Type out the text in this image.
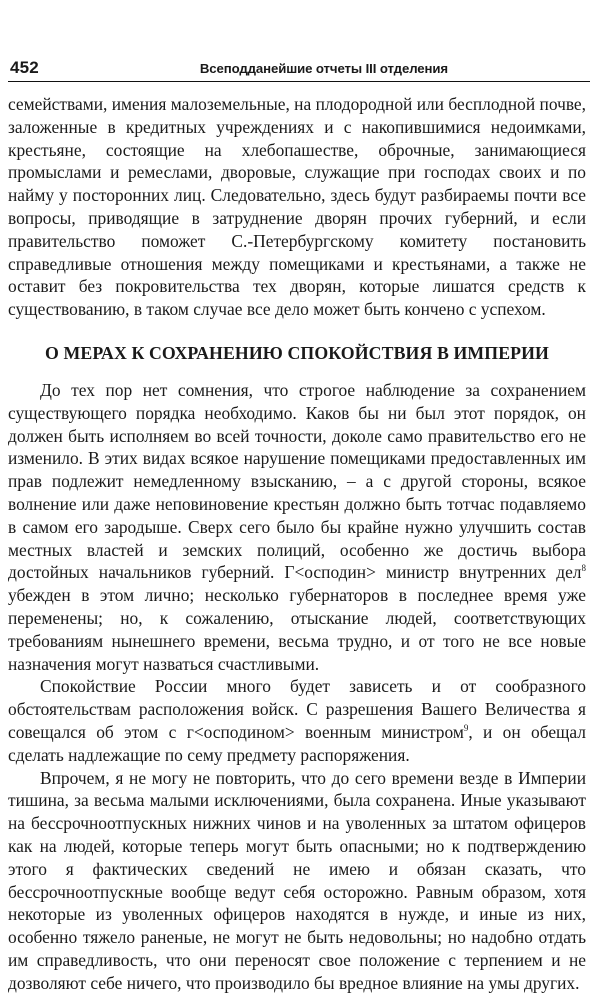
452	Всеподданейшие отчеты III отделения

семействами, имения малоземельные, на плодородной или бесплодной почве, заложенные в кредитных учреждениях и с накопившимися недоимками, крестьяне, состоящие на хлебопашестве, оброчные, занимающиеся промыслами и ремеслами, дворовые, служащие при господах своих и по найму у посторонних лиц. Следовательно, здесь будут разбираемы почти все вопросы, приводящие в затруднение дворян прочих губерний, и если правительство поможет С.-Петербургскому комитету постановить справедливые отношения между помещиками и крестьянами, а также не оставит без покровительства тех дворян, которые лишатся средств к существованию, в таком случае все дело может быть кончено с успехом.

О МЕРАХ К СОХРАНЕНИЮ СПОКОЙСТВИЯ В ИМПЕРИИ

До тех пор нет сомнения, что строгое наблюдение за сохранением существующего порядка необходимо. Каков бы ни был этот порядок, он должен быть исполняем во всей точности, доколе само правительство его не изменило. В этих видах всякое нарушение помещиками предоставленных им прав подлежит немедленному взысканию, – а с другой стороны, всякое волнение или даже неповиновение крестьян должно быть тотчас подавляемо в самом его зародыше. Сверх сего было бы крайне нужно улучшить состав местных властей и земских полиций, особенно же достичь выбора достойных начальников губерний. Г<осподин> министр внутренних дел$^8$ убежден в этом лично; несколько губернаторов в последнее время уже переменены; но, к сожалению, отыскание людей, соответствующих требованиям нынешнего времени, весьма трудно, и от того не все новые назначения могут назваться счастливыми.

Спокойствие России много будет зависеть и от сообразного обстоятельствам расположения войск. С разрешения Вашего Величества я совещался об этом с г<осподином> военным министром$^9$, и он обещал сделать надлежащие по сему предмету распоряжения.

Впрочем, я не могу не повторить, что до сего времени везде в Империи тишина, за весьма малыми исключениями, была сохранена. Иные указывают на бессрочноотпускных нижних чинов и на уволенных за штатом офицеров как на людей, которые теперь могут быть опасными; но к подтверждению этого я фактических сведений не имею и обязан сказать, что бессрочноотпускные вообще ведут себя осторожно. Равным образом, хотя некоторые из уволенных офицеров находятся в нужде, и иные из них, особенно тяжело раненые, не могут не быть недовольны; но надобно отдать им справедливость, что они переносят свое положение с терпением и не дозволяют себе ничего, что производило бы вредное влияние на умы других.
